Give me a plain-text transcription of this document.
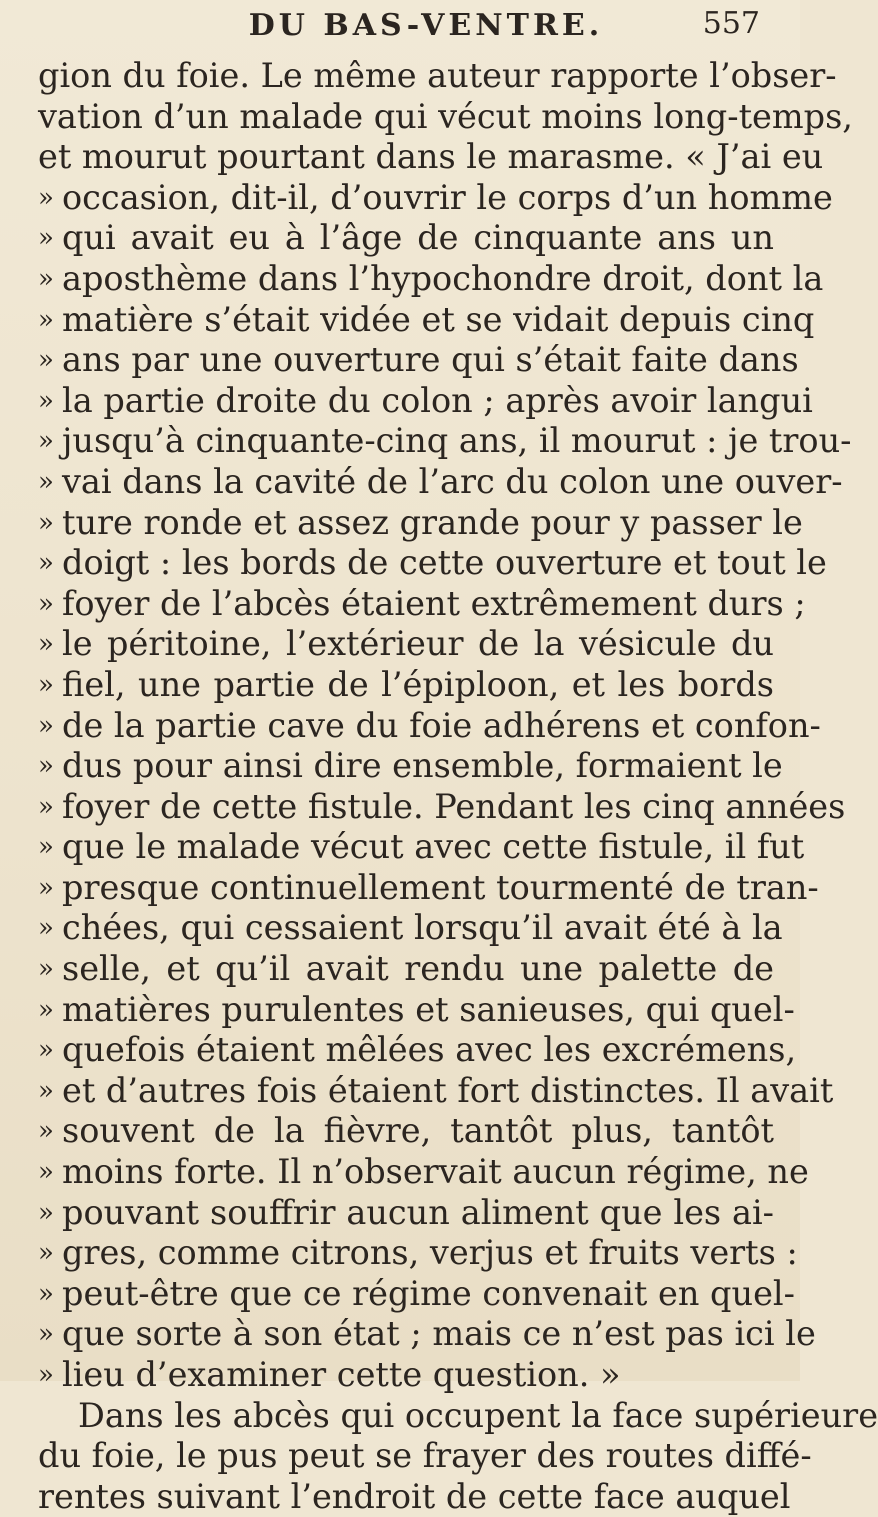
DU BAS-VENTRE.	557
gion du foie. Le même auteur rapporte l’obser-
vation d’un malade qui vécut moins long-temps,
et mourut pourtant dans le marasme. « J’ai eu
» occasion, dit-il, d’ouvrir le corps d’un homme
» qui avait eu à l’âge de cinquante ans un
» aposthème dans l’hypochondre droit, dont la
» matière s’était vidée et se vidait depuis cinq
» ans par une ouverture qui s’était faite dans
» la partie droite du colon ; après avoir langui
» jusqu’à cinquante-cinq ans, il mourut : je trou-
» vai dans la cavité de l’arc du colon une ouver-
» ture ronde et assez grande pour y passer le
» doigt : les bords de cette ouverture et tout le
» foyer de l’abcès étaient extrêmement durs ;
» le péritoine, l’extérieur de la vésicule du
» fiel, une partie de l’épiploon, et les bords
» de la partie cave du foie adhérens et confon-
» dus pour ainsi dire ensemble, formaient le
» foyer de cette fistule. Pendant les cinq années
» que le malade vécut avec cette fistule, il fut
» presque continuellement tourmenté de tran-
» chées, qui cessaient lorsqu’il avait été à la
» selle, et qu’il avait rendu une palette de
» matières purulentes et sanieuses, qui quel-
» quefois étaient mêlées avec les excrémens,
» et d’autres fois étaient fort distinctes. Il avait
» souvent de la fièvre, tantôt plus, tantôt
» moins forte. Il n’observait aucun régime, ne
» pouvant souffrir aucun aliment que les ai-
» gres, comme citrons, verjus et fruits verts :
» peut-être que ce régime convenait en quel-
» que sorte à son état ; mais ce n’est pas ici le
» lieu d’examiner cette question. »
Dans les abcès qui occupent la face supérieure
du foie, le pus peut se frayer des routes diffé-
rentes suivant l’endroit de cette face auquel
